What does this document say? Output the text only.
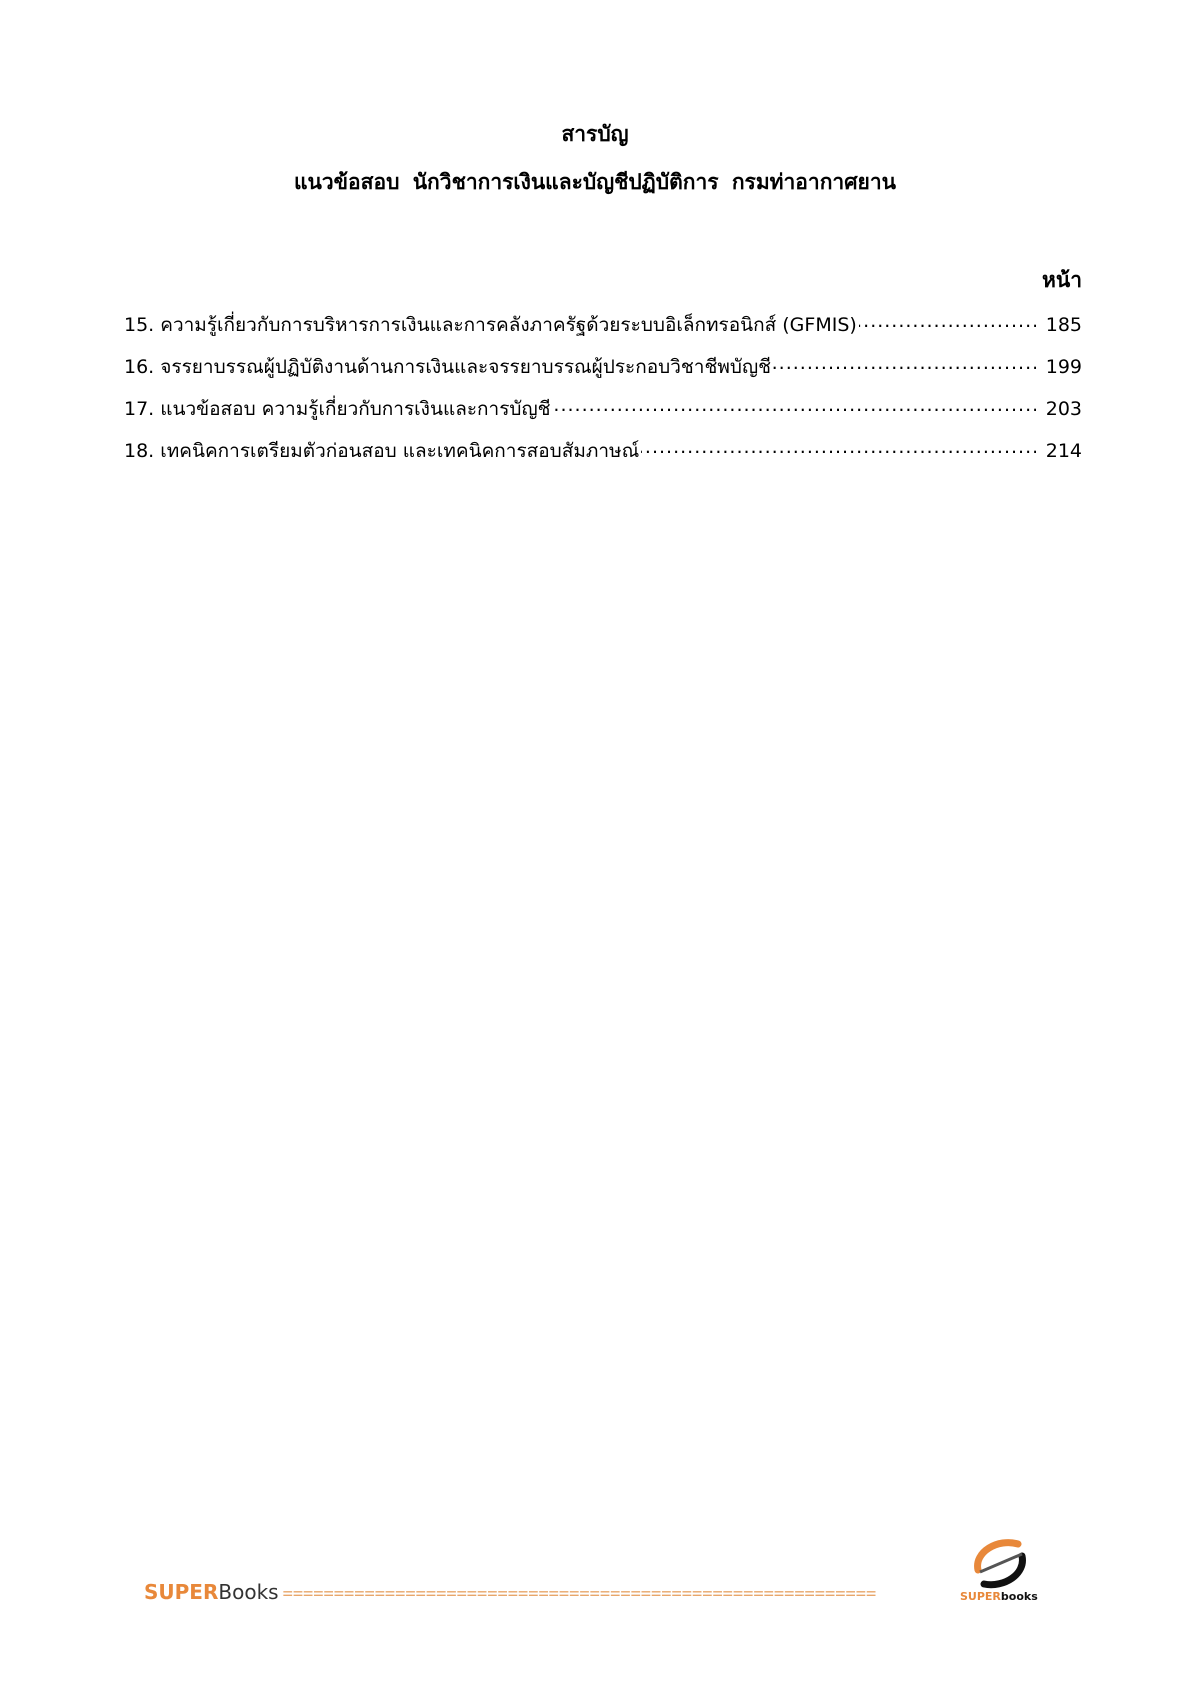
สารบัญ
แนวข้อสอบ นักวิชาการเงินและบัญชีปฏิบัติการ กรมท่าอากาศยาน
หน้า
15. ความรู้เกี่ยวกับการบริหารการเงินและการคลังภาครัฐด้วยระบบอิเล็กทรอนิกส์ (GFMIS) .....	185
16. จรรยาบรรณผู้ปฏิบัติงานด้านการเงินและจรรยาบรรณผู้ประกอบวิชาชีพบัญชี .....	199
17. แนวข้อสอบ ความรู้เกี่ยวกับการเงินและการบัญชี .....	203
18. เทคนิคการเตรียมตัวก่อนสอบ และเทคนิคการสอบสัมภาษณ์ .....	214
SUPERBooks ==========================================================	SUPERbooks
